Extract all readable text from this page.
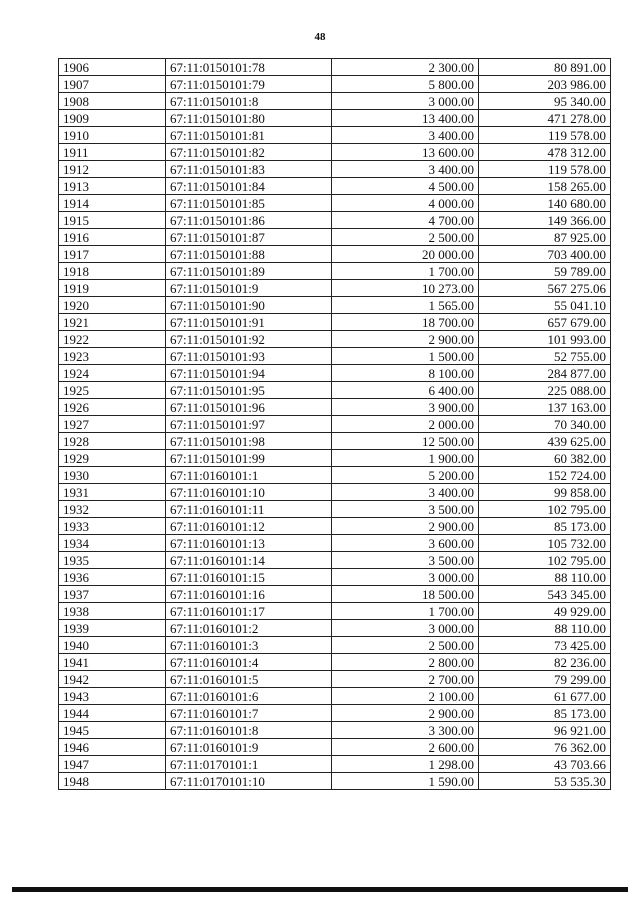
48
1906	67:11:0150101:78	2 300.00	80 891.00
1907	67:11:0150101:79	5 800.00	203 986.00
1908	67:11:0150101:8	3 000.00	95 340.00
1909	67:11:0150101:80	13 400.00	471 278.00
1910	67:11:0150101:81	3 400.00	119 578.00
1911	67:11:0150101:82	13 600.00	478 312.00
1912	67:11:0150101:83	3 400.00	119 578.00
1913	67:11:0150101:84	4 500.00	158 265.00
1914	67:11:0150101:85	4 000.00	140 680.00
1915	67:11:0150101:86	4 700.00	149 366.00
1916	67:11:0150101:87	2 500.00	87 925.00
1917	67:11:0150101:88	20 000.00	703 400.00
1918	67:11:0150101:89	1 700.00	59 789.00
1919	67:11:0150101:9	10 273.00	567 275.06
1920	67:11:0150101:90	1 565.00	55 041.10
1921	67:11:0150101:91	18 700.00	657 679.00
1922	67:11:0150101:92	2 900.00	101 993.00
1923	67:11:0150101:93	1 500.00	52 755.00
1924	67:11:0150101:94	8 100.00	284 877.00
1925	67:11:0150101:95	6 400.00	225 088.00
1926	67:11:0150101:96	3 900.00	137 163.00
1927	67:11:0150101:97	2 000.00	70 340.00
1928	67:11:0150101:98	12 500.00	439 625.00
1929	67:11:0150101:99	1 900.00	60 382.00
1930	67:11:0160101:1	5 200.00	152 724.00
1931	67:11:0160101:10	3 400.00	99 858.00
1932	67:11:0160101:11	3 500.00	102 795.00
1933	67:11:0160101:12	2 900.00	85 173.00
1934	67:11:0160101:13	3 600.00	105 732.00
1935	67:11:0160101:14	3 500.00	102 795.00
1936	67:11:0160101:15	3 000.00	88 110.00
1937	67:11:0160101:16	18 500.00	543 345.00
1938	67:11:0160101:17	1 700.00	49 929.00
1939	67:11:0160101:2	3 000.00	88 110.00
1940	67:11:0160101:3	2 500.00	73 425.00
1941	67:11:0160101:4	2 800.00	82 236.00
1942	67:11:0160101:5	2 700.00	79 299.00
1943	67:11:0160101:6	2 100.00	61 677.00
1944	67:11:0160101:7	2 900.00	85 173.00
1945	67:11:0160101:8	3 300.00	96 921.00
1946	67:11:0160101:9	2 600.00	76 362.00
1947	67:11:0170101:1	1 298.00	43 703.66
1948	67:11:0170101:10	1 590.00	53 535.30
